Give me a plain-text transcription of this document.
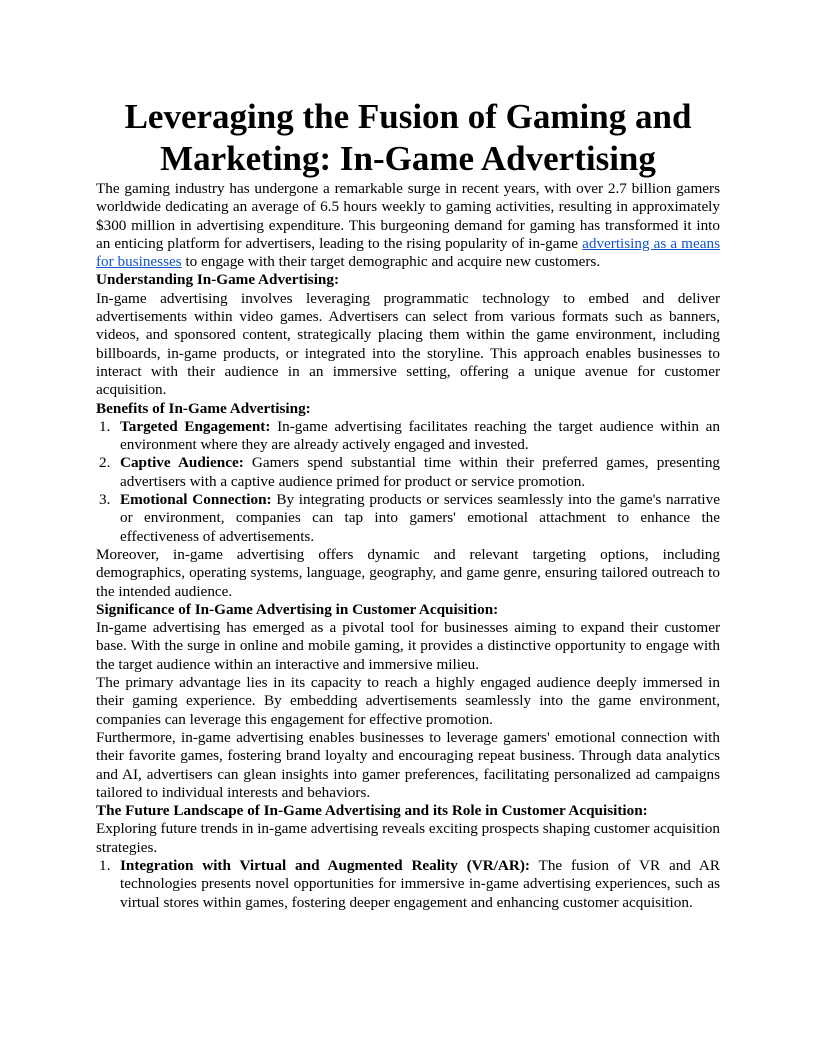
Leveraging the Fusion of Gaming and Marketing: In-Game Advertising

The gaming industry has undergone a remarkable surge in recent years, with over 2.7 billion gamers worldwide dedicating an average of 6.5 hours weekly to gaming activities, resulting in approximately $300 million in advertising expenditure. This burgeoning demand for gaming has transformed it into an enticing platform for advertisers, leading to the rising popularity of in-game advertising as a means for businesses to engage with their target demographic and acquire new customers.

Understanding In-Game Advertising:

In-game advertising involves leveraging programmatic technology to embed and deliver advertisements within video games. Advertisers can select from various formats such as banners, videos, and sponsored content, strategically placing them within the game environment, including billboards, in-game products, or integrated into the storyline. This approach enables businesses to interact with their audience in an immersive setting, offering a unique avenue for customer acquisition.

Benefits of In-Game Advertising:

1. Targeted Engagement: In-game advertising facilitates reaching the target audience within an environment where they are already actively engaged and invested.
2. Captive Audience: Gamers spend substantial time within their preferred games, presenting advertisers with a captive audience primed for product or service promotion.
3. Emotional Connection: By integrating products or services seamlessly into the game's narrative or environment, companies can tap into gamers' emotional attachment to enhance the effectiveness of advertisements.

Moreover, in-game advertising offers dynamic and relevant targeting options, including demographics, operating systems, language, geography, and game genre, ensuring tailored outreach to the intended audience.

Significance of In-Game Advertising in Customer Acquisition:

In-game advertising has emerged as a pivotal tool for businesses aiming to expand their customer base. With the surge in online and mobile gaming, it provides a distinctive opportunity to engage with the target audience within an interactive and immersive milieu.

The primary advantage lies in its capacity to reach a highly engaged audience deeply immersed in their gaming experience. By embedding advertisements seamlessly into the game environment, companies can leverage this engagement for effective promotion.

Furthermore, in-game advertising enables businesses to leverage gamers' emotional connection with their favorite games, fostering brand loyalty and encouraging repeat business. Through data analytics and AI, advertisers can glean insights into gamer preferences, facilitating personalized ad campaigns tailored to individual interests and behaviors.

The Future Landscape of In-Game Advertising and its Role in Customer Acquisition:

Exploring future trends in in-game advertising reveals exciting prospects shaping customer acquisition strategies.

1. Integration with Virtual and Augmented Reality (VR/AR): The fusion of VR and AR technologies presents novel opportunities for immersive in-game advertising experiences, such as virtual stores within games, fostering deeper engagement and enhancing customer acquisition.
